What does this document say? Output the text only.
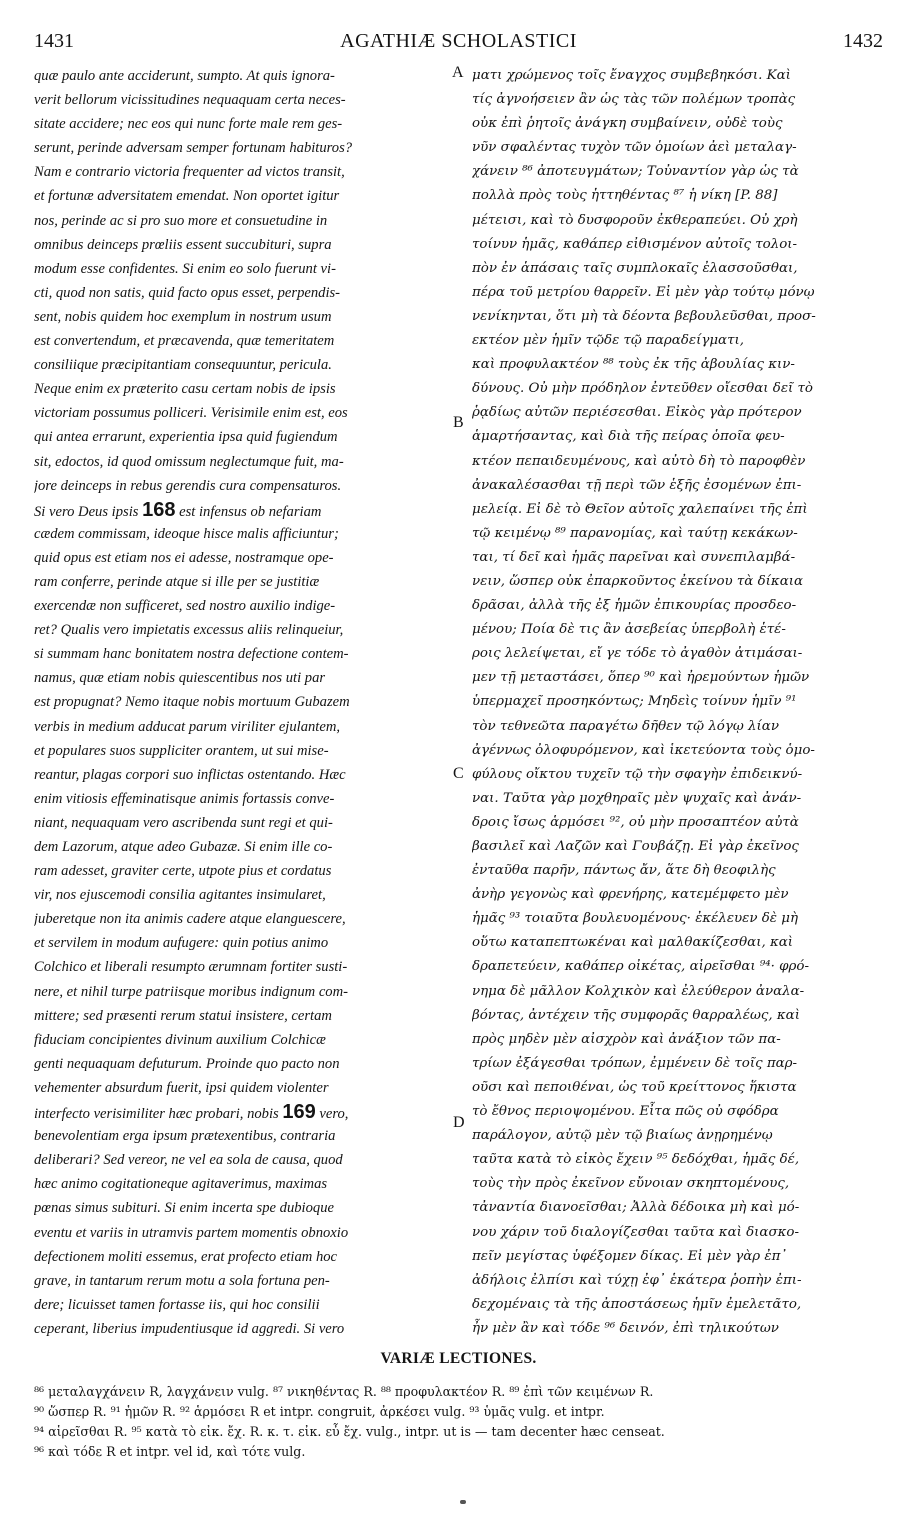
1431	AGATHIÆ SCHOLASTICI	1432
quæ paulo ante acciderunt, sumpto. At quis ignora-
verit bellorum vicissitudines nequaquam certa neces-
sitate accidere; nec eos qui nunc forte male rem ges-
serunt, perinde adversam semper fortunam habituros?
Nam e contrario victoria frequenter ad victos transit,
et fortunæ adversitatem emendat. Non oportet igitur
nos, perinde ac si pro suo more et consuetudine in
omnibus deinceps prœliis essent succubituri, supra
modum esse confidentes. Si enim eo solo fuerunt vi-
cti, quod non satis, quid facto opus esset, perpendis-
sent, nobis quidem hoc exemplum in nostrum usum
est convertendum, et præcavenda, quæ temeritatem
consiliique præcipitantiam consequuntur, pericula.
Neque enim ex præterito casu certam nobis de ipsis
victoriam possumus polliceri. Verisimile enim est, eos
qui antea errarunt, experientia ipsa quid fugiendum
sit, edoctos, id quod omissum neglectumque fuit, ma-
jore deinceps in rebus gerendis cura compensaturos.
Si vero Deus ipsis 168 est infensus ob nefariam
cædem commissam, ideoque hisce malis afficiuntur;
quid opus est etiam nos ei adesse, nostramque ope-
ram conferre, perinde atque si ille per se justitiæ
exercendæ non sufficeret, sed nostro auxilio indige-
ret? Qualis vero impietatis excessus aliis relinqueiur,
si summam hanc bonitatem nostra defectione contem-
namus, quæ etiam nobis quiescentibus nos uti par
est propugnat? Nemo itaque nobis mortuum Gubazem
verbis in medium adducat parum viriliter ejulantem,
et populares suos suppliciter orantem, ut sui mise-
reantur, plagas corpori suo inflictas ostentando. Hæc
enim vitiosis effeminatisque animis fortassis conve-
niant, nequaquam vero ascribenda sunt regi et qui-
dem Lazorum, atque adeo Gubazæ. Si enim ille co-
ram adesset, graviter certe, utpote pius et cordatus
vir, nos ejuscemodi consilia agitantes insimularet,
juberetque non ita animis cadere atque elanguescere,
et servilem in modum aufugere: quin potius animo
Colchico et liberali resumpto ærumnam fortiter susti-
nere, et nihil turpe patriisque moribus indignum com-
mittere; sed præsenti rerum statui insistere, certam
fiduciam concipientes divinum auxilium Colchicæ
genti nequaquam defuturum. Proinde quo pacto non
vehementer absurdum fuerit, ipsi quidem violenter
interfecto verisimiliter hæc probari, nobis 169 vero,
benevolentiam erga ipsum prætexentibus, contraria
deliberari? Sed vereor, ne vel ea sola de causa, quod
hæc animo cogitationeque agitaverimus, maximas
pœnas simus subituri. Si enim incerta spe dubioque
eventu et variis in utramvis partem momentis obnoxio
defectionem moliti essemus, erat profecto etiam hoc
grave, in tantarum rerum motu a sola fortuna pen-
dere; licuisset tamen fortasse iis, qui hoc consilii
ceperant, liberius impudentiusque id aggredi. Si vero
A
B
C
D
ματι χρώμενος τοῖς ἔναγχος συμβεβηκόσι. Καὶ
τίς ἀγνοήσειεν ἂν ὡς τὰς τῶν πολέμων τροπὰς
οὐκ ἐπὶ ῥητοῖς ἀνάγκη συμβαίνειν, οὐδὲ τοὺς
νῦν σφαλέντας τυχὸν τῶν ὁμοίων ἀεὶ μεταλαγ-
χάνειν ⁸⁶ ἀποτευγμάτων; Τοὐναντίον γὰρ ὡς τὰ
πολλὰ πρὸς τοὺς ἡττηθέντας ⁸⁷ ἡ νίκη [P. 88]
μέτεισι, καὶ τὸ δυσφοροῦν ἐκθεραπεύει. Οὐ χρὴ
τοίνυν ἡμᾶς, καθάπερ εἰθισμένον αὐτοῖς τολοι-
πὸν ἐν ἁπάσαις ταῖς συμπλοκαῖς ἐλασσοῦσθαι,
πέρα τοῦ μετρίου θαρρεῖν. Εἰ μὲν γὰρ τούτῳ μόνῳ
νενίκηνται, ὅτι μὴ τὰ δέοντα βεβουλεῦσθαι, προσ-
εκτέον μὲν ἡμῖν τῷδε τῷ παραδείγματι,
καὶ προφυλακτέον ⁸⁸ τοὺς ἐκ τῆς ἀβουλίας κιν-
δύνους. Οὐ μὴν πρόδηλον ἐντεῦθεν οἴεσθαι δεῖ τὸ
ῥᾳδίως αὐτῶν περιέσεσθαι. Εἰκὸς γὰρ πρότερον
ἁμαρτήσαντας, καὶ διὰ τῆς πείρας ὁποῖα φευ-
κτέον πεπαιδευμένους, καὶ αὐτὸ δὴ τὸ παροφθὲν
ἀνακαλέσασθαι τῇ περὶ τῶν ἑξῆς ἐσομένων ἐπι-
μελείᾳ. Εἰ δὲ τὸ Θεῖον αὐτοῖς χαλεπαίνει τῆς ἐπὶ
τῷ κειμένῳ ⁸⁹ παρανομίας, καὶ ταύτῃ κεκάκων-
ται, τί δεῖ καὶ ἡμᾶς παρεῖναι καὶ συνεπιλαμβά-
νειν, ὥσπερ οὐκ ἐπαρκοῦντος ἐκείνου τὰ δίκαια
δρᾶσαι, ἀλλὰ τῆς ἐξ ἡμῶν ἐπικουρίας προσδεο-
μένου; Ποία δὲ τις ἂν ἀσεβείας ὑπερβολὴ ἑτέ-
ροις λελείψεται, εἴ γε τόδε τὸ ἀγαθὸν ἀτιμάσαι-
μεν τῇ μεταστάσει, ὅπερ ⁹⁰ καὶ ἠρεμούντων ἡμῶν
ὑπερμαχεῖ προσηκόντως; Μηδεὶς τοίνυν ἡμῖν ⁹¹
τὸν τεθνεῶτα παραγέτω δῆθεν τῷ λόγῳ λίαν
ἀγέννως ὀλοφυρόμενον, καὶ ἱκετεύοντα τοὺς ὁμο-
φύλους οἴκτου τυχεῖν τῷ τὴν σφαγὴν ἐπιδεικνύ-
ναι. Ταῦτα γὰρ μοχθηραῖς μὲν ψυχαῖς καὶ ἀνάν-
δροις ἴσως ἁρμόσει ⁹², οὐ μὴν προσαπτέον αὐτὰ
βασιλεῖ καὶ Λαζῶν καὶ Γουβάζῃ. Εἰ γὰρ ἐκεῖνος
ἐνταῦθα παρῆν, πάντως ἄν, ἅτε δὴ θεοφιλὴς
ἀνὴρ γεγονὼς καὶ φρενήρης, κατεμέμφετο μὲν
ἡμᾶς ⁹³ τοιαῦτα βουλευομένους· ἐκέλευεν δὲ μὴ
οὕτω καταπεπτωκέναι καὶ μαλθακίζεσθαι, καὶ
δραπετεύειν, καθάπερ οἰκέτας, αἱρεῖσθαι ⁹⁴· φρό-
νημα δὲ μᾶλλον Κολχικὸν καὶ ἐλεύθερον ἀναλα-
βόντας, ἀντέχειν τῆς συμφορᾶς θαρραλέως, καὶ
πρὸς μηδὲν μὲν αἰσχρὸν καὶ ἀνάξιον τῶν πα-
τρίων ἐξάγεσθαι τρόπων, ἐμμένειν δὲ τοῖς παρ-
οῦσι καὶ πεποιθέναι, ὡς τοῦ κρείττονος ἥκιστα
τὸ ἔθνος περιοψομένου. Εἶτα πῶς οὐ σφόδρα
παράλογον, αὐτῷ μὲν τῷ βιαίως ἀνῃρημένῳ
ταῦτα κατὰ τὸ εἰκὸς ἔχειν ⁹⁵ δεδόχθαι, ἡμᾶς δέ,
τοὺς τὴν πρὸς ἐκεῖνον εὔνοιαν σκηπτομένους,
τἀναντία διανοεῖσθαι; Ἀλλὰ δέδοικα μὴ καὶ μό-
νου χάριν τοῦ διαλογίζεσθαι ταῦτα καὶ διασκο-
πεῖν μεγίστας ὑφέξομεν δίκας. Εἰ μὲν γὰρ ἐπ᾽
ἀδήλοις ἐλπίσι καὶ τύχῃ ἐφ᾽ ἑκάτερα ῥοπὴν ἐπι-
δεχομέναις τὰ τῆς ἀποστάσεως ἡμῖν ἐμελετᾶτο,
ἦν μὲν ἂν καὶ τόδε ⁹⁶ δεινόν, ἐπὶ τηλικούτων
VARIÆ LECTIONES.
⁸⁶ μεταλαγχάνειν R, λαγχάνειν vulg. ⁸⁷ νικηθέντας R. ⁸⁸ προφυλακτέον R. ⁸⁹ ἐπὶ τῶν κειμένων R.
⁹⁰ ὥσπερ R. ⁹¹ ἡμῶν R. ⁹² ἁρμόσει R et intpr. congruit, ἀρκέσει vulg. ⁹³ ὑμᾶς vulg. et intpr.
⁹⁴ αἱρεῖσθαι R. ⁹⁵ κατὰ τὸ εἰκ. ἔχ. R. κ. τ. εἰκ. εὖ ἔχ. vulg., intpr. ut is — tam decenter hæc censeat.
⁹⁶ καὶ τόδε R et intpr. vel id, καὶ τότε vulg.
